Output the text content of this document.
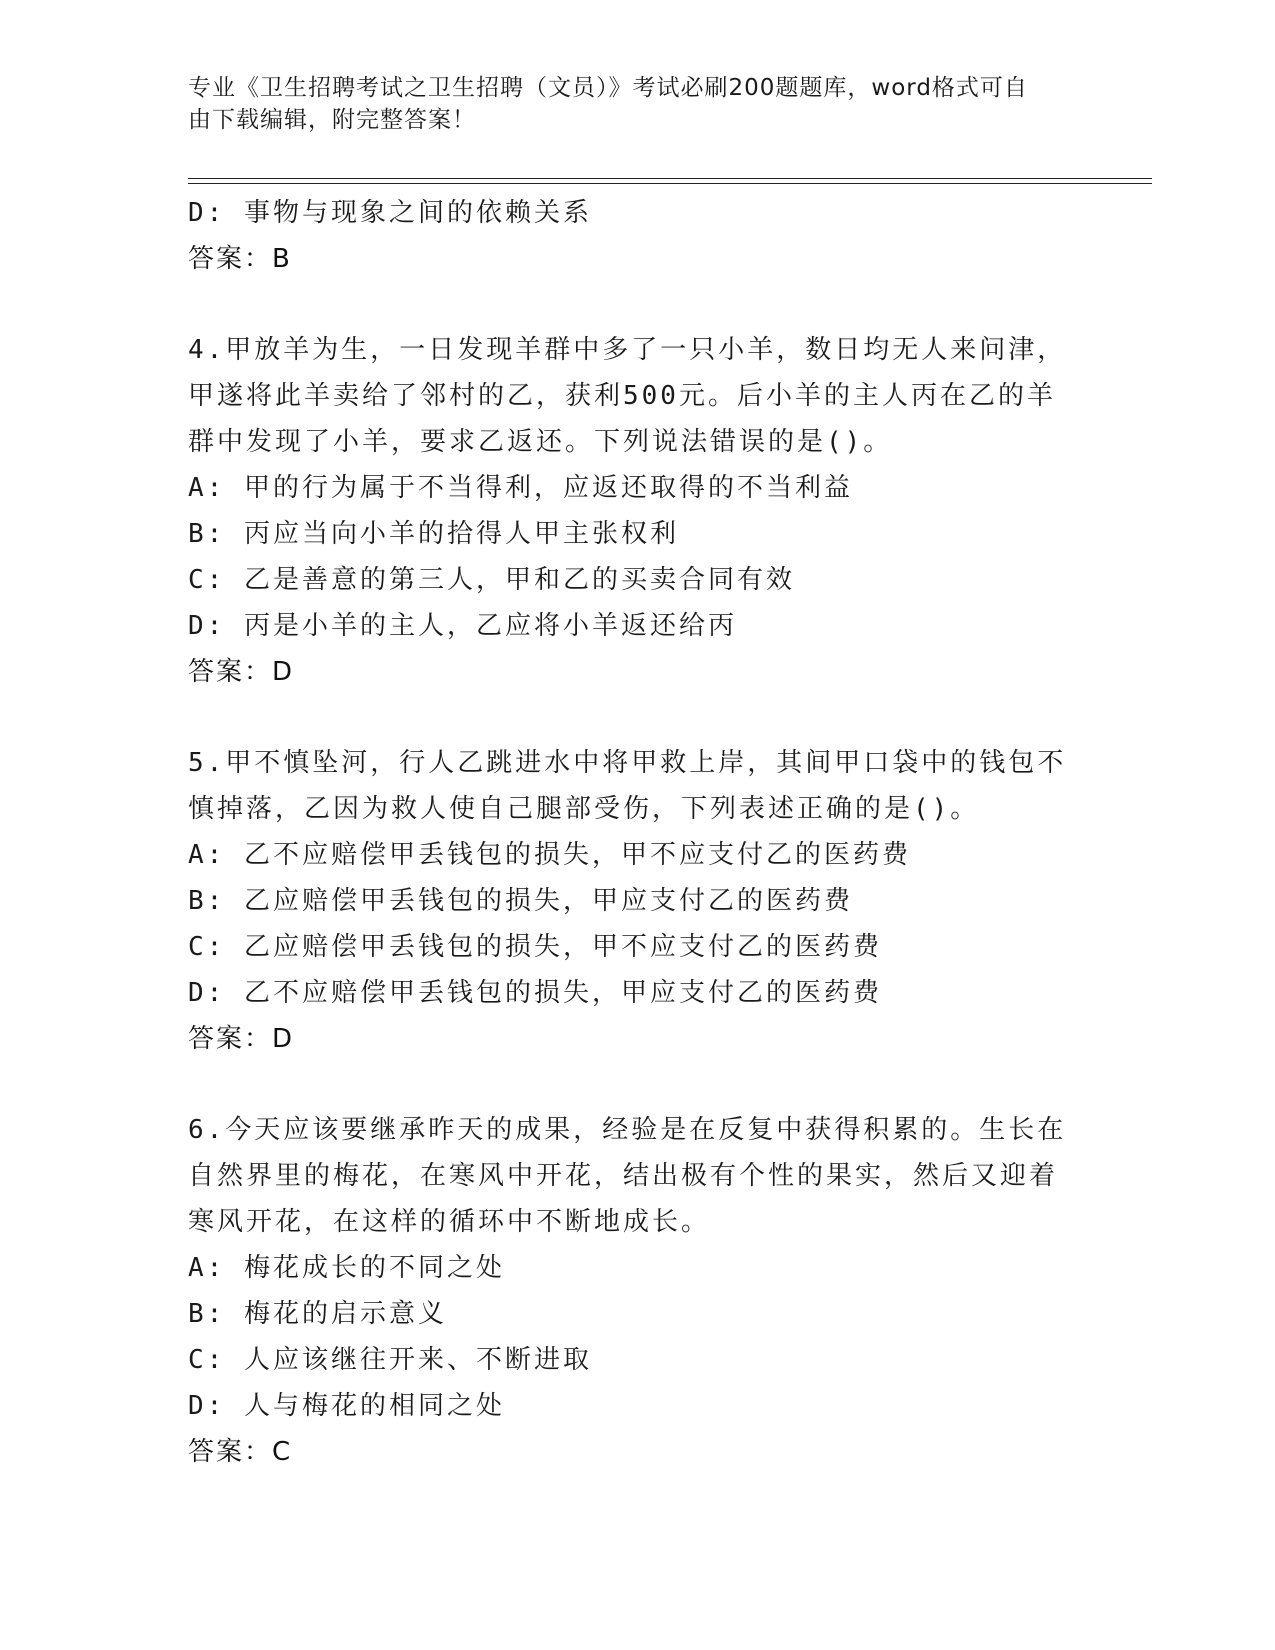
专业《卫生招聘考试之卫生招聘（文员）》考试必刷200题题库，word格式可自
由下载编辑，附完整答案！
D: 事物与现象之间的依赖关系
答案：B
4.甲放羊为生，一日发现羊群中多了一只小羊，数日均无人来问津，
甲遂将此羊卖给了邻村的乙，获利500元。后小羊的主人丙在乙的羊
群中发现了小羊，要求乙返还。下列说法错误的是()。
A: 甲的行为属于不当得利，应返还取得的不当利益
B: 丙应当向小羊的拾得人甲主张权利
C: 乙是善意的第三人，甲和乙的买卖合同有效
D: 丙是小羊的主人，乙应将小羊返还给丙
答案：D
5.甲不慎坠河，行人乙跳进水中将甲救上岸，其间甲口袋中的钱包不
慎掉落，乙因为救人使自己腿部受伤，下列表述正确的是()。
A: 乙不应赔偿甲丢钱包的损失，甲不应支付乙的医药费
B: 乙应赔偿甲丢钱包的损失，甲应支付乙的医药费
C: 乙应赔偿甲丢钱包的损失，甲不应支付乙的医药费
D: 乙不应赔偿甲丢钱包的损失，甲应支付乙的医药费
答案：D
6.今天应该要继承昨天的成果，经验是在反复中获得积累的。生长在
自然界里的梅花，在寒风中开花，结出极有个性的果实，然后又迎着
寒风开花，在这样的循环中不断地成长。
A: 梅花成长的不同之处
B: 梅花的启示意义
C: 人应该继往开来、不断进取
D: 人与梅花的相同之处
答案：C
